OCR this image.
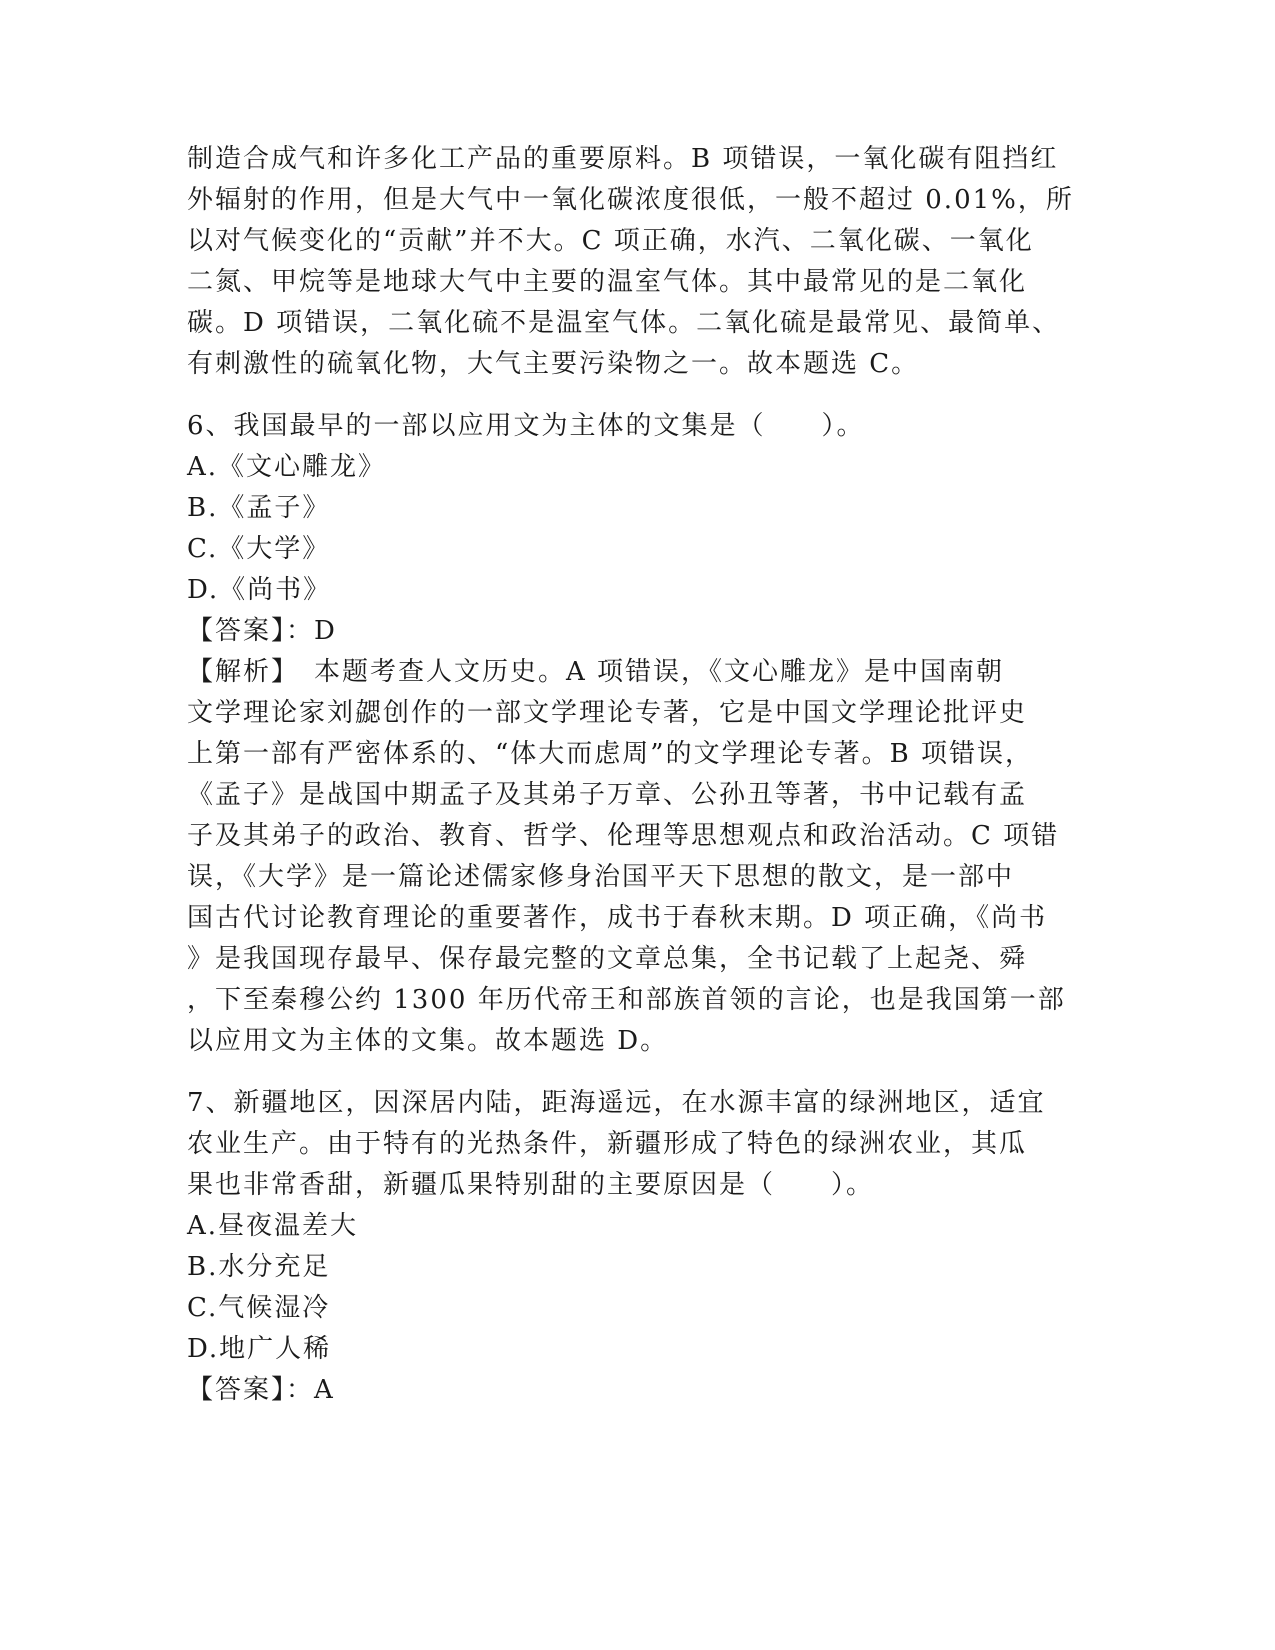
制造合成气和许多化工产品的重要原料。B 项错误，一氧化碳有阻挡红
外辐射的作用，但是大气中一氧化碳浓度很低，一般不超过 0.01%，所
以对气候变化的“贡献”并不大。C 项正确，水汽、二氧化碳、一氧化
二氮、甲烷等是地球大气中主要的温室气体。其中最常见的是二氧化
碳。D 项错误，二氧化硫不是温室气体。二氧化硫是最常见、最简单、
有刺激性的硫氧化物，大气主要污染物之一。故本题选 C。
6、我国最早的一部以应用文为主体的文集是（　　）。
A.《文心雕龙》
B.《孟子》
C.《大学》
D.《尚书》
【答案】：D
【解析】　本题考查人文历史。A 项错误，《文心雕龙》是中国南朝
文学理论家刘勰创作的一部文学理论专著，它是中国文学理论批评史
上第一部有严密体系的、“体大而虑周”的文学理论专著。B 项错误，
《孟子》是战国中期孟子及其弟子万章、公孙丑等著，书中记载有孟
子及其弟子的政治、教育、哲学、伦理等思想观点和政治活动。C 项错
误，《大学》是一篇论述儒家修身治国平天下思想的散文，是一部中
国古代讨论教育理论的重要著作，成书于春秋末期。D 项正确，《尚书
》是我国现存最早、保存最完整的文章总集，全书记载了上起尧、舜
，下至秦穆公约 1300 年历代帝王和部族首领的言论，也是我国第一部
以应用文为主体的文集。故本题选 D。
7、新疆地区，因深居内陆，距海遥远，在水源丰富的绿洲地区，适宜
农业生产。由于特有的光热条件，新疆形成了特色的绿洲农业，其瓜
果也非常香甜，新疆瓜果特别甜的主要原因是（　　）。
A.昼夜温差大
B.水分充足
C.气候湿冷
D.地广人稀
【答案】：A
